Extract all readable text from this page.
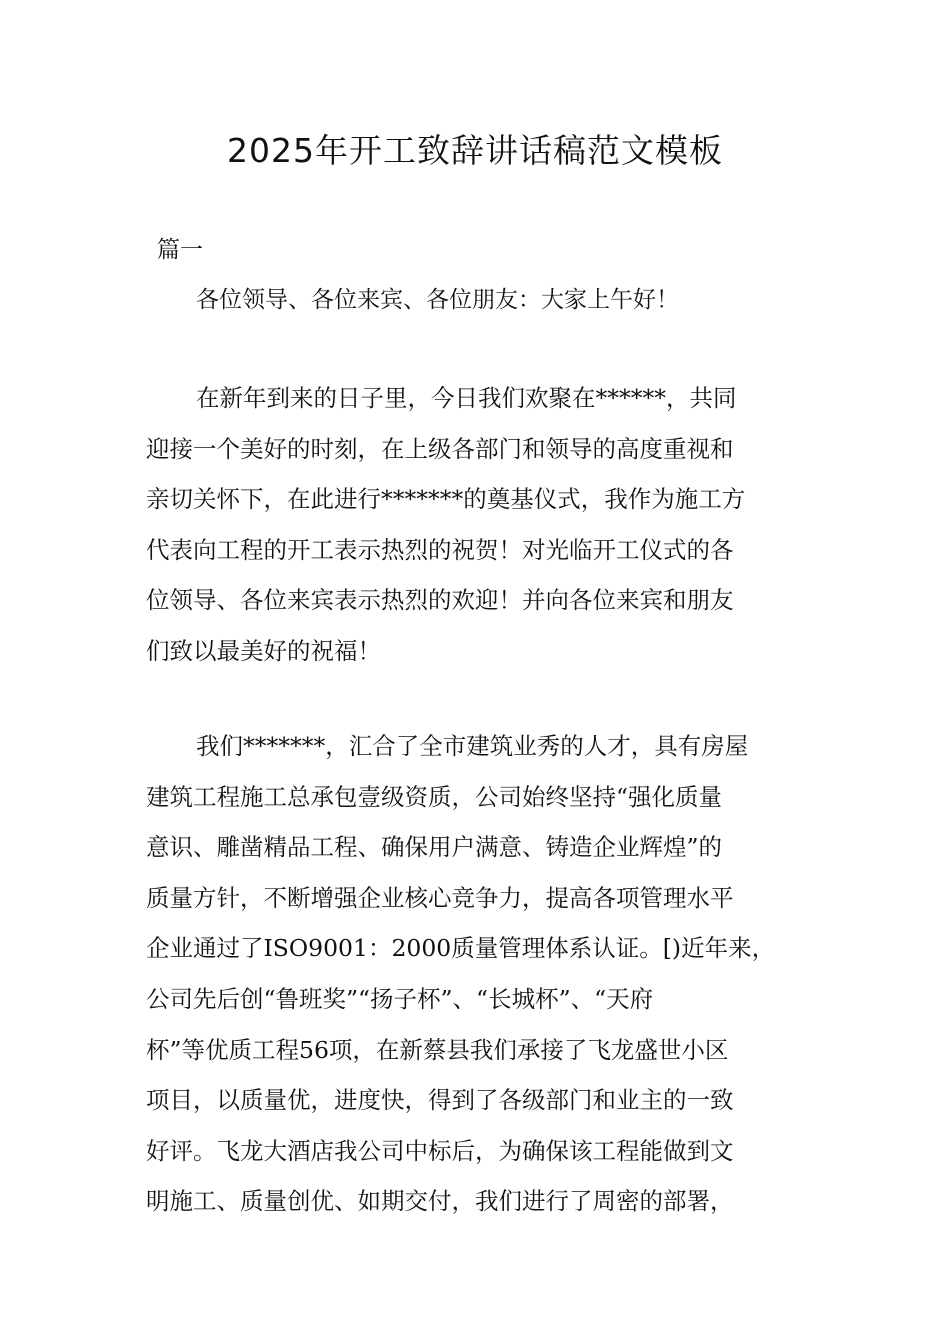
2025年开工致辞讲话稿范文模板
篇一
各位领导、各位来宾、各位朋友：大家上午好！
在新年到来的日子里，今日我们欢聚在******，共同
迎接一个美好的时刻，在上级各部门和领导的高度重视和
亲切关怀下，在此进行*******的奠基仪式，我作为施工方
代表向工程的开工表示热烈的祝贺！对光临开工仪式的各
位领导、各位来宾表示热烈的欢迎！并向各位来宾和朋友
们致以最美好的祝福！
我们*******，汇合了全市建筑业秀的人才，具有房屋
建筑工程施工总承包壹级资质，公司始终坚持“强化质量
意识、雕凿精品工程、确保用户满意、铸造企业辉煌”的
质量方针，不断增强企业核心竞争力，提高各项管理水平
企业通过了ISO9001：2000质量管理体系认证。[)近年来，
公司先后创“鲁班奖”“扬子杯”、“长城杯”、“天府
杯”等优质工程56项，在新蔡县我们承接了飞龙盛世小区
项目，以质量优，进度快，得到了各级部门和业主的一致
好评。飞龙大酒店我公司中标后，为确保该工程能做到文
明施工、质量创优、如期交付，我们进行了周密的部署，
